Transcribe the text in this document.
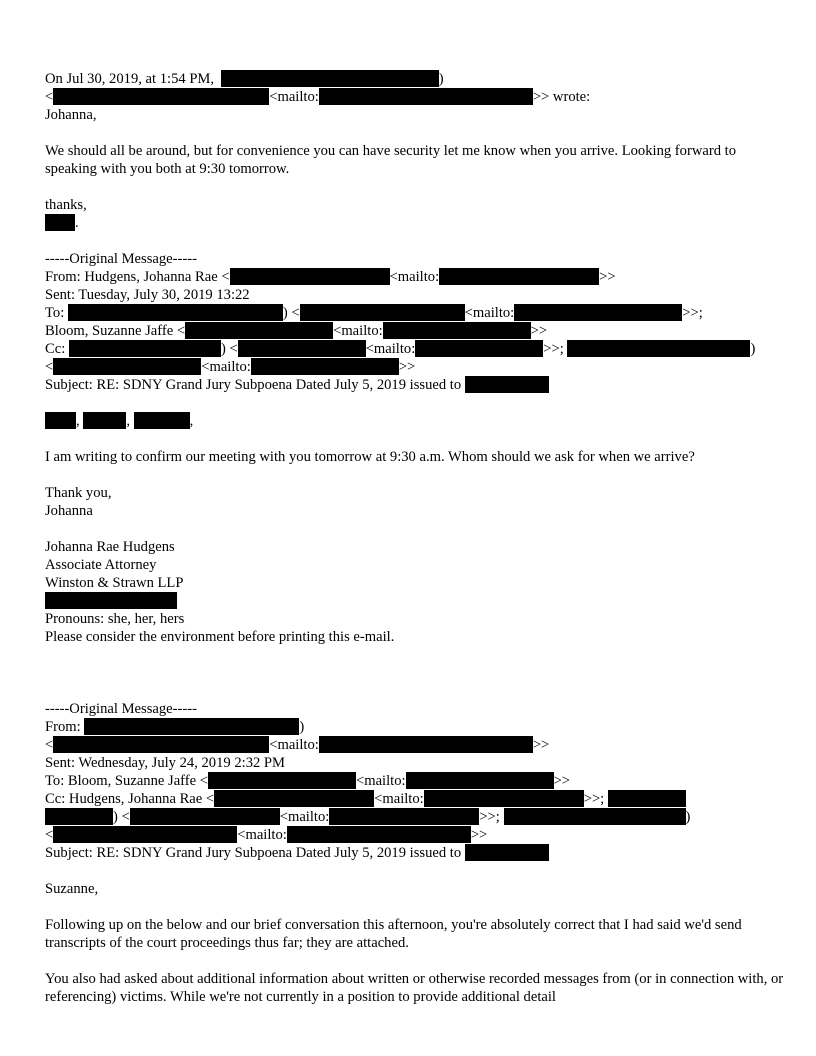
On Jul 30, 2019, at 1:54 PM,	)
<	<mailto:	>> wrote:
Johanna,
We should all be around, but for convenience you can have security let me know when you arrive. Looking forward to speaking with you both at 9:30 tomorrow.
thanks,
.
-----Original Message-----
From: Hudgens, Johanna Rae <	<mailto:	>>
Sent: Tuesday, July 30, 2019 13:22
To:	) <	<mailto:	>>;
Bloom, Suzanne Jaffe <	<mailto:	>>
Cc:	) <	<mailto:	>>;	)
<	<mailto:	>>
Subject: RE: SDNY Grand Jury Subpoena Dated July 5, 2019 issued to
,	,	,
I am writing to confirm our meeting with you tomorrow at 9:30 a.m. Whom should we ask for when we arrive?
Thank you,
Johanna
Johanna Rae Hudgens
Associate Attorney
Winston & Strawn LLP
Pronouns: she, her, hers
Please consider the environment before printing this e-mail.
-----Original Message-----
From:	)
<	<mailto:	>>
Sent: Wednesday, July 24, 2019 2:32 PM
To: Bloom, Suzanne Jaffe <	<mailto:	>>
Cc: Hudgens, Johanna Rae <	<mailto:	>>;
) <	<mailto:	>>;	)
<	<mailto:	>>
Subject: RE: SDNY Grand Jury Subpoena Dated July 5, 2019 issued to
Suzanne,
Following up on the below and our brief conversation this afternoon, you're absolutely correct that I had said we'd send transcripts of the court proceedings thus far; they are attached.
You also had asked about additional information about written or otherwise recorded messages from (or in connection with, or referencing) victims. While we're not currently in a position to provide additional detail
